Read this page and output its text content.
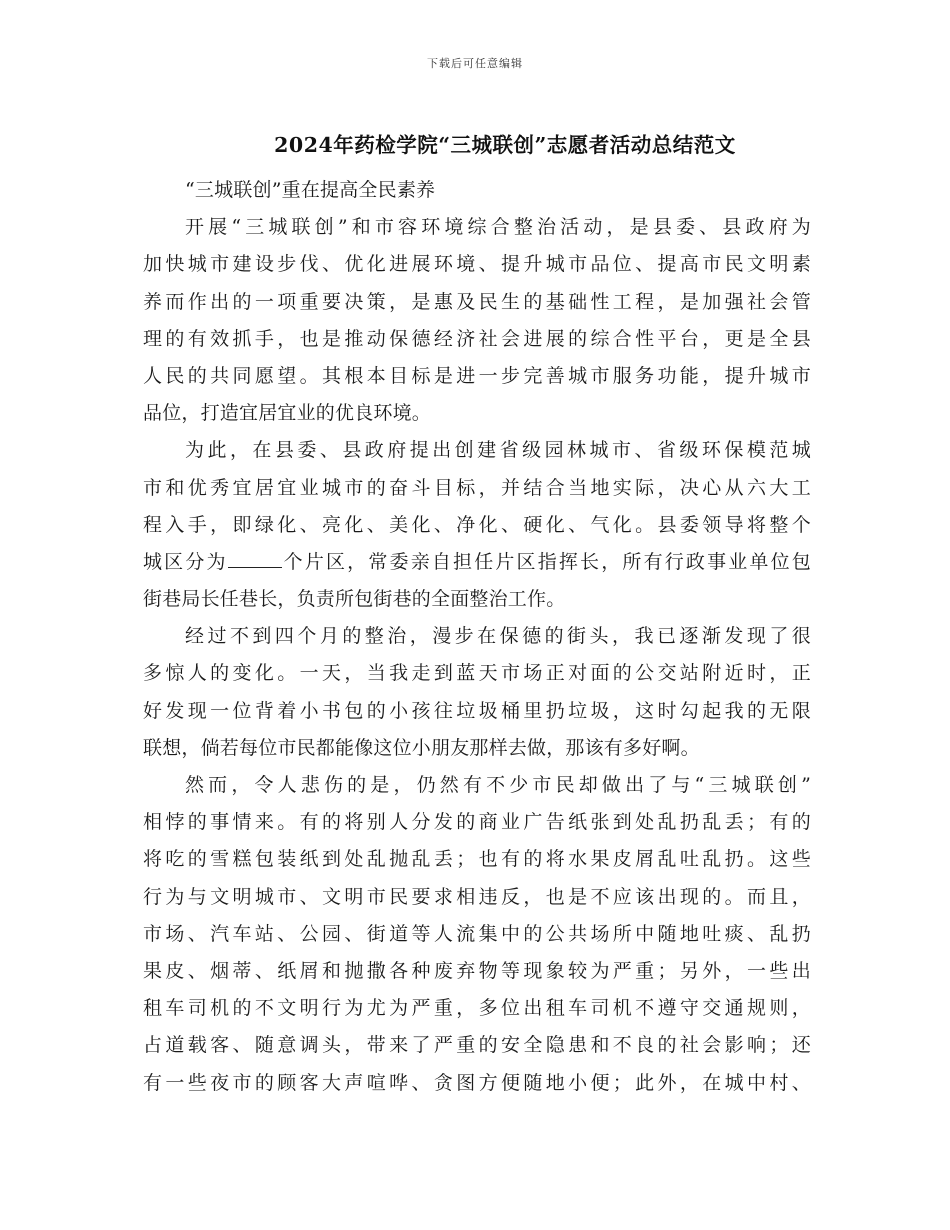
下载后可任意编辑
2024年药检学院“三城联创”志愿者活动总结范文
“三城联创”重在提高全民素养
开展“三城联创”和市容环境综合整治活动，是县委、县政府为
加快城市建设步伐、优化进展环境、提升城市品位、提高市民文明素
养而作出的一项重要决策，是惠及民生的基础性工程，是加强社会管
理的有效抓手，也是推动保德经济社会进展的综合性平台，更是全县
人民的共同愿望。其根本目标是进一步完善城市服务功能，提升城市
品位，打造宜居宜业的优良环境。
为此，在县委、县政府提出创建省级园林城市、省级环保模范城
市和优秀宜居宜业城市的奋斗目标，并结合当地实际，决心从六大工
程入手，即绿化、亮化、美化、净化、硬化、气化。县委领导将整个
城区分为	个片区，常委亲自担任片区指挥长，所有行政事业单位包
街巷局长任巷长，负责所包街巷的全面整治工作。
经过不到四个月的整治，漫步在保德的街头，我已逐渐发现了很
多惊人的变化。一天，当我走到蓝天市场正对面的公交站附近时，正
好发现一位背着小书包的小孩往垃圾桶里扔垃圾，这时勾起我的无限
联想，倘若每位市民都能像这位小朋友那样去做，那该有多好啊。
然而，令人悲伤的是，仍然有不少市民却做出了与“三城联创”
相悖的事情来。有的将别人分发的商业广告纸张到处乱扔乱丢；有的
将吃的雪糕包装纸到处乱抛乱丢；也有的将水果皮屑乱吐乱扔。这些
行为与文明城市、文明市民要求相违反，也是不应该出现的。而且，
市场、汽车站、公园、街道等人流集中的公共场所中随地吐痰、乱扔
果皮、烟蒂、纸屑和抛撒各种废弃物等现象较为严重；另外，一些出
租车司机的不文明行为尤为严重，多位出租车司机不遵守交通规则，
占道载客、随意调头，带来了严重的安全隐患和不良的社会影响；还
有一些夜市的顾客大声喧哗、贪图方便随地小便；此外，在城中村、
